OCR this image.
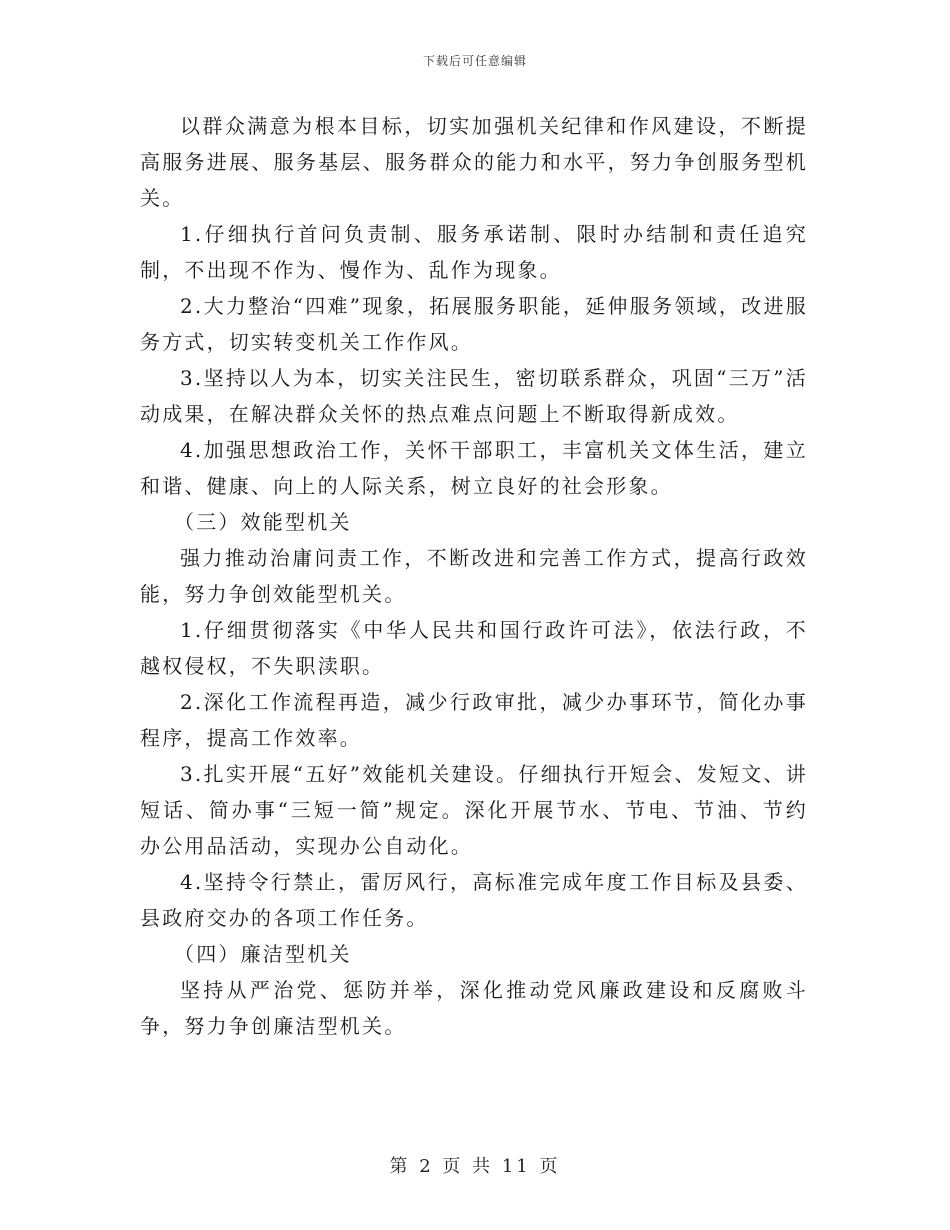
下载后可任意编辑

以群众满意为根本目标，切实加强机关纪律和作风建设，不断提高服务进展、服务基层、服务群众的能力和水平，努力争创服务型机关。

1.仔细执行首问负责制、服务承诺制、限时办结制和责任追究制，不出现不作为、慢作为、乱作为现象。

2.大力整治“四难”现象，拓展服务职能，延伸服务领域，改进服务方式，切实转变机关工作作风。

3.坚持以人为本，切实关注民生，密切联系群众，巩固“三万”活动成果，在解决群众关怀的热点难点问题上不断取得新成效。

4.加强思想政治工作，关怀干部职工，丰富机关文体生活，建立和谐、健康、向上的人际关系，树立良好的社会形象。

（三）效能型机关

强力推动治庸问责工作，不断改进和完善工作方式，提高行政效能，努力争创效能型机关。

1.仔细贯彻落实《中华人民共和国行政许可法》，依法行政，不越权侵权，不失职渎职。

2.深化工作流程再造，减少行政审批，减少办事环节，简化办事程序，提高工作效率。

3.扎实开展“五好”效能机关建设。仔细执行开短会、发短文、讲短话、简办事“三短一简”规定。深化开展节水、节电、节油、节约办公用品活动，实现办公自动化。

4.坚持令行禁止，雷厉风行，高标准完成年度工作目标及县委、县政府交办的各项工作任务。

（四）廉洁型机关

坚持从严治党、惩防并举，深化推动党风廉政建设和反腐败斗争，努力争创廉洁型机关。

第 2 页 共 11 页
